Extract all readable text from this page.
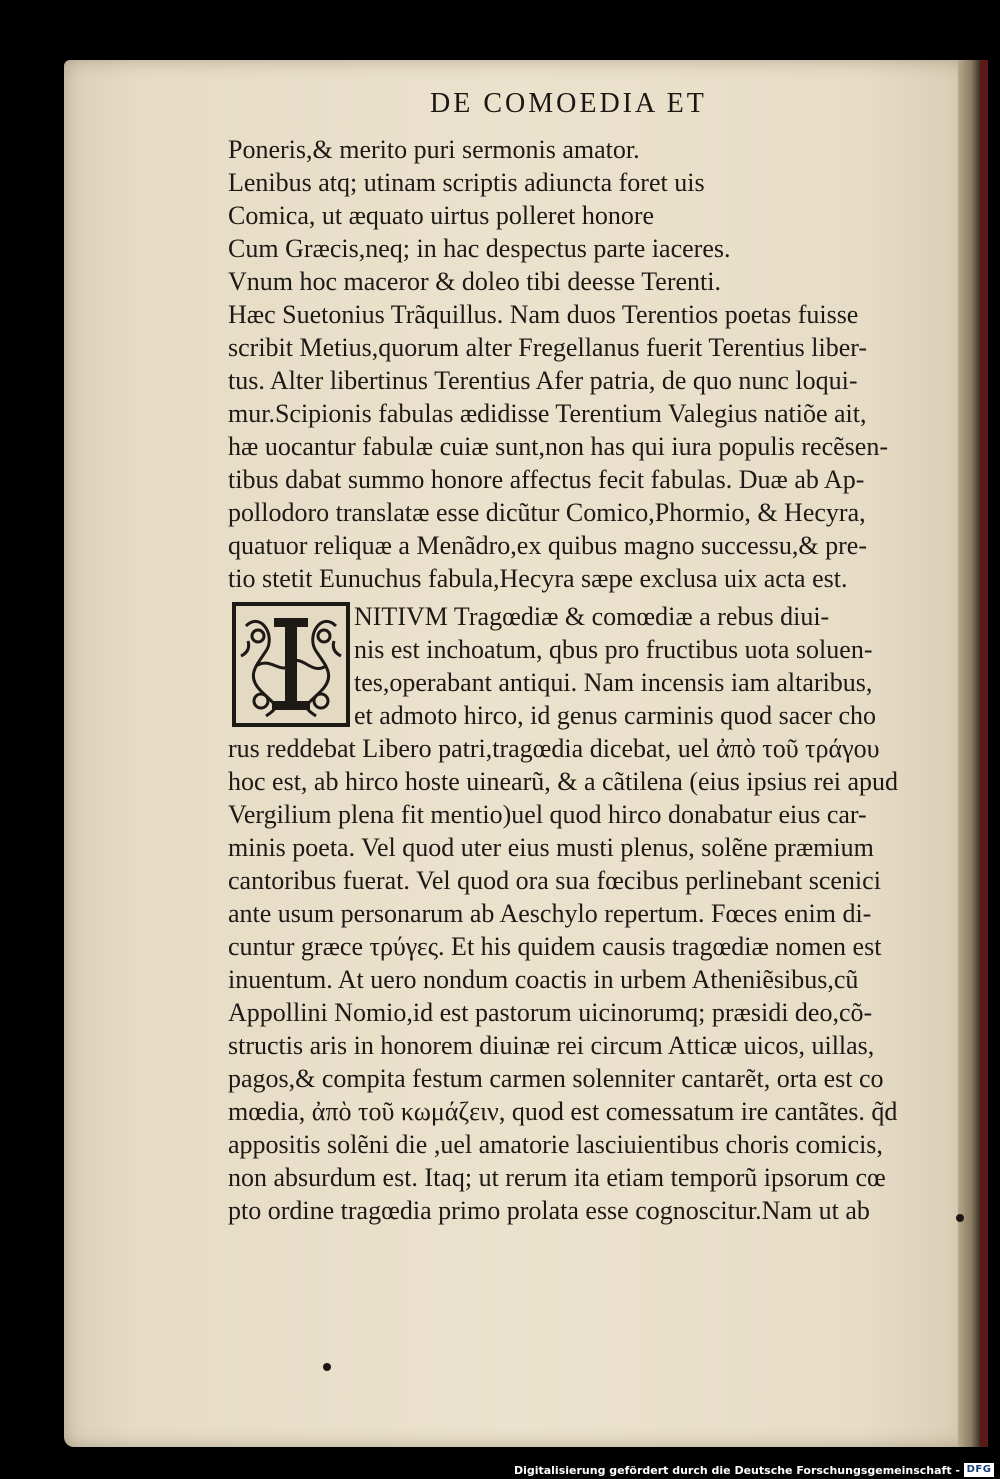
DE COMOEDIA ET
Poneris,& merito puri sermonis amator.
Lenibus atq; utinam scriptis adiuncta foret uis
Comica, ut æquato uirtus polleret honore
Cum Græcis,neq; in hac despectus parte iaceres.
Vnum hoc maceror & doleo tibi deesse Terenti.
Hæc Suetonius Trãquillus. Nam duos Terentios poetas fuisse
scribit Metius,quorum alter Fregellanus fuerit Terentius liber-
tus. Alter libertinus Terentius Afer patria, de quo nunc loqui-
mur.Scipionis fabulas ædidisse Terentium Valegius natiõe ait,
hæ uocantur fabulæ cuiæ sunt,non has qui iura populis recẽsen-
tibus dabat summo honore affectus fecit fabulas. Duæ ab Ap-
pollodoro translatæ esse dicũtur Comico,Phormio, & Hecyra,
quatuor reliquæ a Menãdro,ex quibus magno successu,& pre-
tio stetit Eunuchus fabula,Hecyra sæpe exclusa uix acta est.
I
NITIVM Tragœdiæ & comœdiæ a rebus diui-
nis est inchoatum, qbus pro fructibus uota soluen-
tes,operabant antiqui. Nam incensis iam altaribus,
et admoto hirco, id genus carminis quod sacer cho
rus reddebat Libero patri,tragœdia dicebat, uel ἀπὸ τοῦ τράγου
hoc est, ab hirco hoste uinearũ, & a cãtilena (eius ipsius rei apud
Vergilium plena fit mentio)uel quod hirco donabatur eius car-
minis poeta. Vel quod uter eius musti plenus, solẽne præmium
cantoribus fuerat. Vel quod ora sua fœcibus perlinebant scenici
ante usum personarum ab Aeschylo repertum. Fœces enim di-
cuntur græce τρύγες. Et his quidem causis tragœdiæ nomen est
inuentum. At uero nondum coactis in urbem Atheniẽsibus,cũ
Appollini Nomio,id est pastorum uicinorumq; præsidi deo,cõ-
structis aris in honorem diuinæ rei circum Atticæ uicos, uillas,
pagos,& compita festum carmen solenniter cantarẽt, orta est co
mœdia, ἀπὸ τοῦ κωμάζειν, quod est comessatum ire cantãtes. q̃d
appositis solẽni die ,uel amatorie lasciuientibus choris comicis,
non absurdum est. Itaq; ut rerum ita etiam temporũ ipsorum cœ
pto ordine tragœdia primo prolata esse cognoscitur.Nam ut ab
Digitalisierung gefördert durch die Deutsche Forschungsgemeinschaft - DFG
